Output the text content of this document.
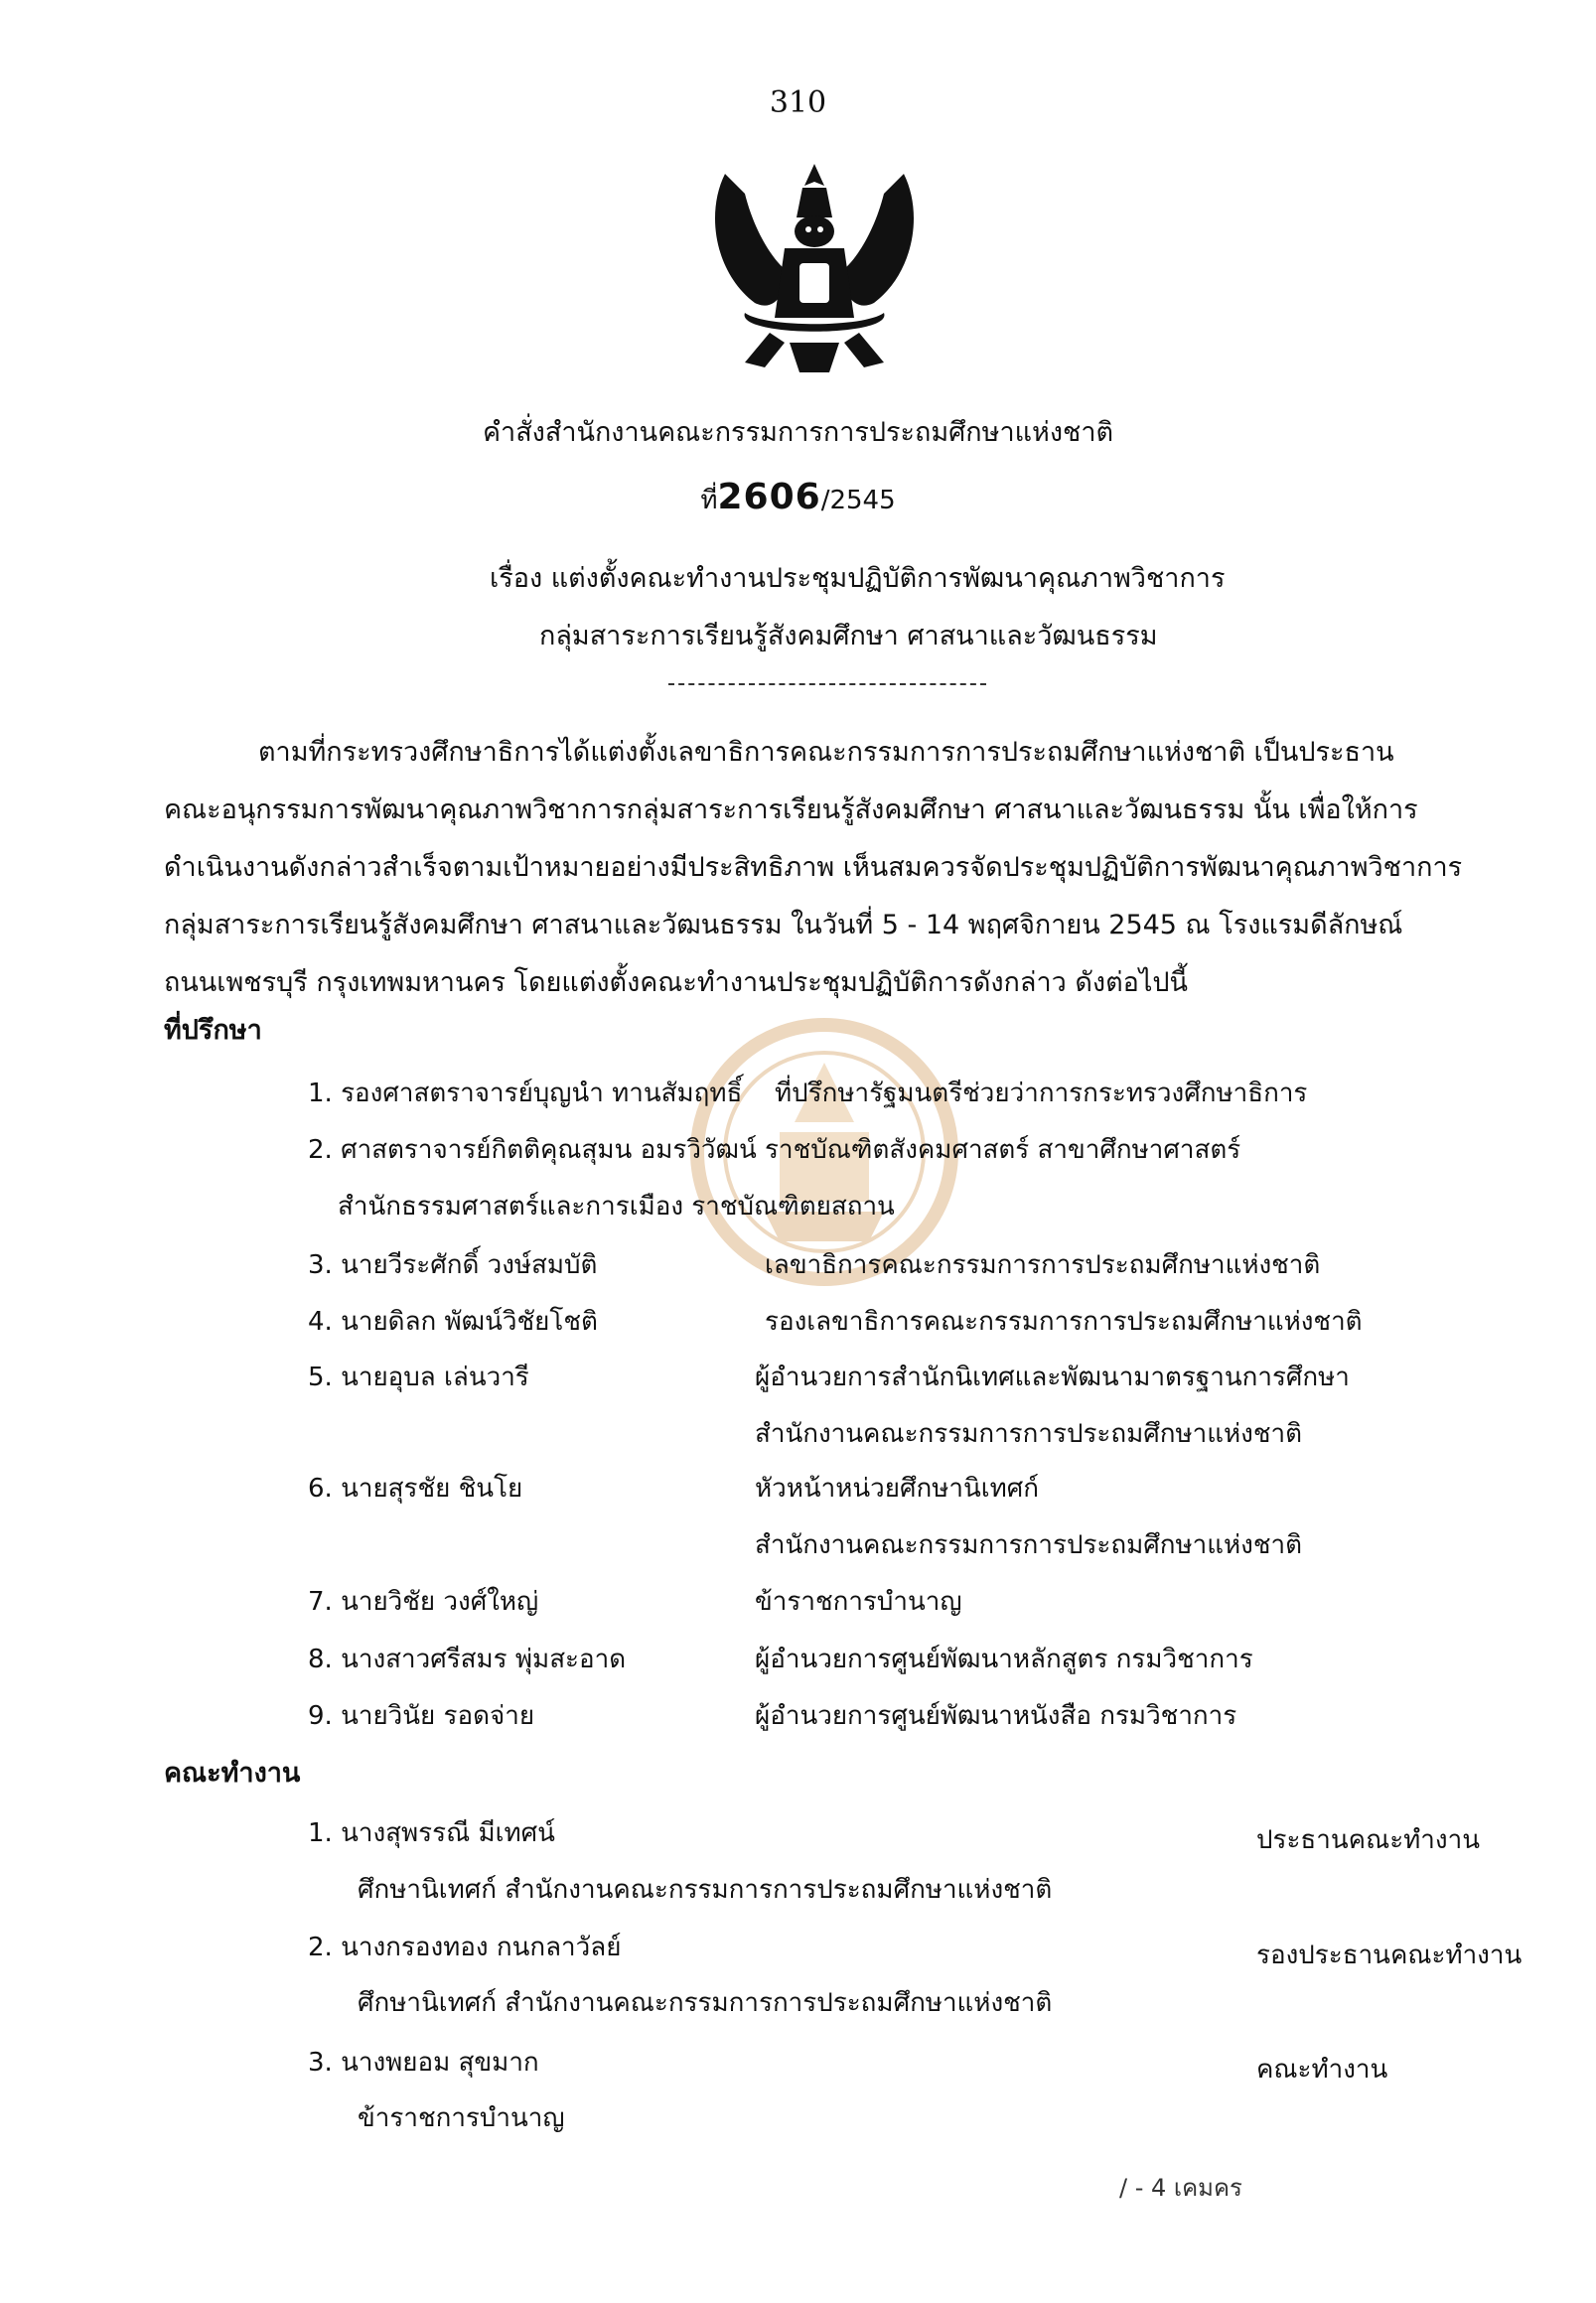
310
คำสั่งสำนักงานคณะกรรมการการประถมศึกษาแห่งชาติ
ที่2606/2545
เรื่อง แต่งตั้งคณะทำงานประชุมปฏิบัติการพัฒนาคุณภาพวิชาการ
กลุ่มสาระการเรียนรู้สังคมศึกษา ศาสนาและวัฒนธรรม
ตามที่กระทรวงศึกษาธิการได้แต่งตั้งเลขาธิการคณะกรรมการการประถมศึกษาแห่งชาติ เป็นประธาน
คณะอนุกรรมการพัฒนาคุณภาพวิชาการกลุ่มสาระการเรียนรู้สังคมศึกษา ศาสนาและวัฒนธรรม นั้น เพื่อให้การ
ดำเนินงานดังกล่าวสำเร็จตามเป้าหมายอย่างมีประสิทธิภาพ เห็นสมควรจัดประชุมปฏิบัติการพัฒนาคุณภาพวิชาการ
กลุ่มสาระการเรียนรู้สังคมศึกษา ศาสนาและวัฒนธรรม ในวันที่ 5 - 14 พฤศจิกายน 2545 ณ โรงแรมดีลักษณ์
ถนนเพชรบุรี กรุงเทพมหานคร โดยแต่งตั้งคณะทำงานประชุมปฏิบัติการดังกล่าว ดังต่อไปนี้
ที่ปรึกษา
1. รองศาสตราจารย์บุญนำ ทานสัมฤทธิ์ ที่ปรึกษารัฐมนตรีช่วยว่าการกระทรวงศึกษาธิการ
2. ศาสตราจารย์กิตติคุณสุมน อมรวิวัฒน์ ราชบัณฑิตสังคมศาสตร์ สาขาศึกษาศาสตร์
สำนักธรรมศาสตร์และการเมือง ราชบัณฑิตยสถาน
3. นายวีระศักดิ์ วงษ์สมบัติ	เลขาธิการคณะกรรมการการประถมศึกษาแห่งชาติ
4. นายดิลก พัฒน์วิชัยโชติ	รองเลขาธิการคณะกรรมการการประถมศึกษาแห่งชาติ
5. นายอุบล เล่นวารี	ผู้อำนวยการสำนักนิเทศและพัฒนามาตรฐานการศึกษา
สำนักงานคณะกรรมการการประถมศึกษาแห่งชาติ
6. นายสุรชัย ชินโย	หัวหน้าหน่วยศึกษานิเทศก์
สำนักงานคณะกรรมการการประถมศึกษาแห่งชาติ
7. นายวิชัย วงศ์ใหญ่	ข้าราชการบำนาญ
8. นางสาวศรีสมร พุ่มสะอาด	ผู้อำนวยการศูนย์พัฒนาหลักสูตร กรมวิชาการ
9. นายวินัย รอดจ่าย	ผู้อำนวยการศูนย์พัฒนาหนังสือ กรมวิชาการ
คณะทำงาน
1. นางสุพรรณี มีเทศน์	ประธานคณะทำงาน
ศึกษานิเทศก์ สำนักงานคณะกรรมการการประถมศึกษาแห่งชาติ
2. นางกรองทอง กนกลาวัลย์	รองประธานคณะทำงาน
ศึกษานิเทศก์ สำนักงานคณะกรรมการการประถมศึกษาแห่งชาติ
3. นางพยอม สุขมาก	คณะทำงาน
ข้าราชการบำนาญ
/ - 4 เคมคร
